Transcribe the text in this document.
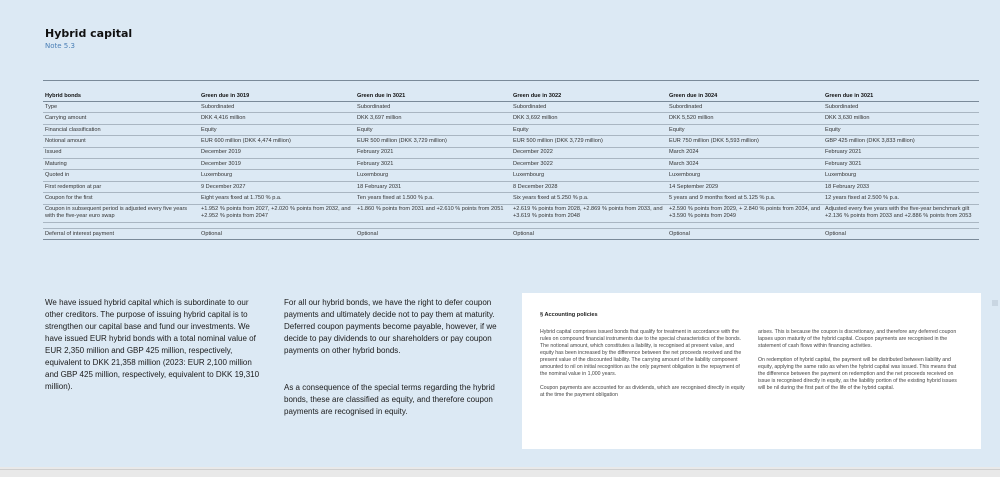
Hybrid capital
Note 5.3
Hybrid bonds	Green due in 3019	Green due in 3021	Green due in 3022	Green due in 3024	Green due in 3021
Type	Subordinated	Subordinated	Subordinated	Subordinated	Subordinated
Carrying amount	DKK 4,416 million	DKK 3,697 million	DKK 3,692 million	DKK 5,520 million	DKK 3,630 million
Financial classification	Equity	Equity	Equity	Equity	Equity
Notional amount	EUR 600 million (DKK 4,474 million)	EUR 500 million (DKK 3,729 million)	EUR 500 million (DKK 3,729 million)	EUR 750 million (DKK 5,593 million)	GBP 425 million (DKK 3,833 million)
Issued	December 2019	February 2021	December 2022	March 2024	February 2021
Maturing	December 3019	February 3021	December 3022	March 3024	February 3021
Quoted in	Luxembourg	Luxembourg	Luxembourg	Luxembourg	Luxembourg
First redemption at par	9 December 2027	18 February 2031	8 December 2028	14 September 2029	18 February 2033
Coupon for the first	Eight years fixed at 1.750 % p.a.	Ten years fixed at 1.500 % p.a.	Six years fixed at 5.250 % p.a.	5 years and 9 months fixed at 5.125 % p.a.	12 years fixed at 2.500 % p.a.
Coupon in subsequent period is adjusted every five years with the five-year euro swap	+1.952 % points from 2027, +2.020 % points from 2032, and +2.952 % points from 2047	+1.860 % points from 2031 and +2.610 % points from 2051	+2.619 % points from 2028, +2.869 % points from 2033, and +3.619 % points from 2048	+2.590 % points from 2029, + 2.840 % points from 2034, and +3.590 % points from 2049	Adjusted every five years with the five-year benchmark gilt +2.136 % points from 2033 and +2.886 % points from 2053

Deferral of interest payment	Optional	Optional	Optional	Optional	Optional
We have issued hybrid capital which is subordinate to our other creditors. The purpose of issuing hybrid capital is to strengthen our capital base and fund our investments. We have issued EUR hybrid bonds with a total nominal value of EUR 2,350 million and GBP 425 million, respectively, equivalent to DKK 21,358 million (2023: EUR 2,100 million and GBP 425 million, respectively, equivalent to DKK 19,310 million).
For all our hybrid bonds, we have the right to defer coupon payments and ultimately decide not to pay them at maturity. Deferred coupon payments become payable, however, if we decide to pay dividends to our shareholders or pay coupon payments on other hybrid bonds.
As a consequence of the special terms regarding the hybrid bonds, these are classified as equity, and therefore coupon payments are recognised in equity.
§ Accounting policies

Hybrid capital comprises issued bonds that qualify for treatment in accordance with the rules on compound financial instruments due to the special characteristics of the bonds. The notional amount, which constitutes a liability, is recognised at present value, and equity has been increased by the difference between the net proceeds received and the present value of the discounted liability. The carrying amount of the liability component amounted to nil on initial recognition as the only payment obligation is the repayment of the nominal value in 1,000 years.

Coupon payments are accounted for as dividends, which are recognised directly in equity at the time the payment obligation

arises. This is because the coupon is discretionary, and therefore any deferred coupon lapses upon maturity of the hybrid capital. Coupon payments are recognised in the statement of cash flows within financing activities.

On redemption of hybrid capital, the payment will be distributed between liability and equity, applying the same ratio as when the hybrid capital was issued. This means that the difference between the payment on redemption and the net proceeds received on issue is recognised directly in equity, as the liability portion of the existing hybrid issues will be nil during the first part of the life of the hybrid capital.
